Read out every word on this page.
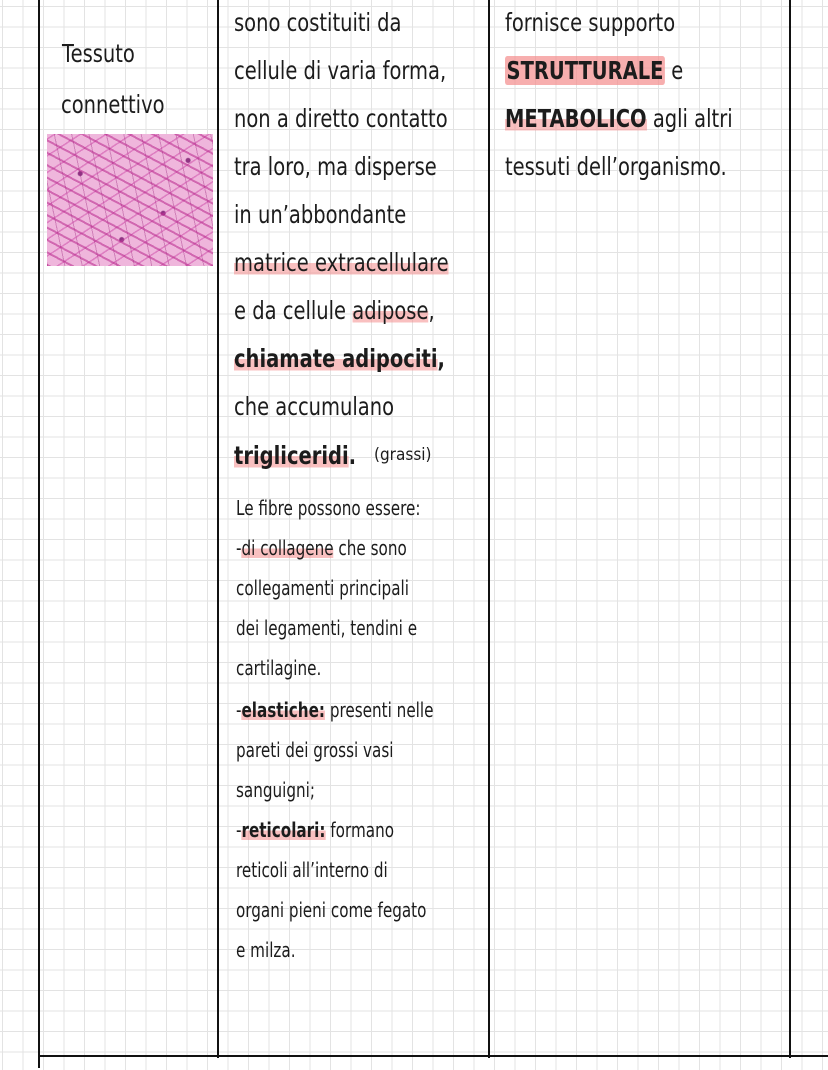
Tessuto
connettivo
sono costituiti da
cellule di varia forma,
non a diretto contatto
tra loro, ma disperse
in un’abbondante
matrice extracellulare
e da cellule adipose,
chiamate adipociti,
che accumulano
trigliceridi. (grassi)
Le fibre possono essere:
-di collagene che sono
collegamenti principali
dei legamenti, tendini e
cartilagine.
-elastiche: presenti nelle
pareti dei grossi vasi
sanguigni;
-reticolari: formano
reticoli all’interno di
organi pieni come fegato
e milza.
fornisce supporto
STRUTTURALE e
METABOLICO agli altri
tessuti dell’organismo.
